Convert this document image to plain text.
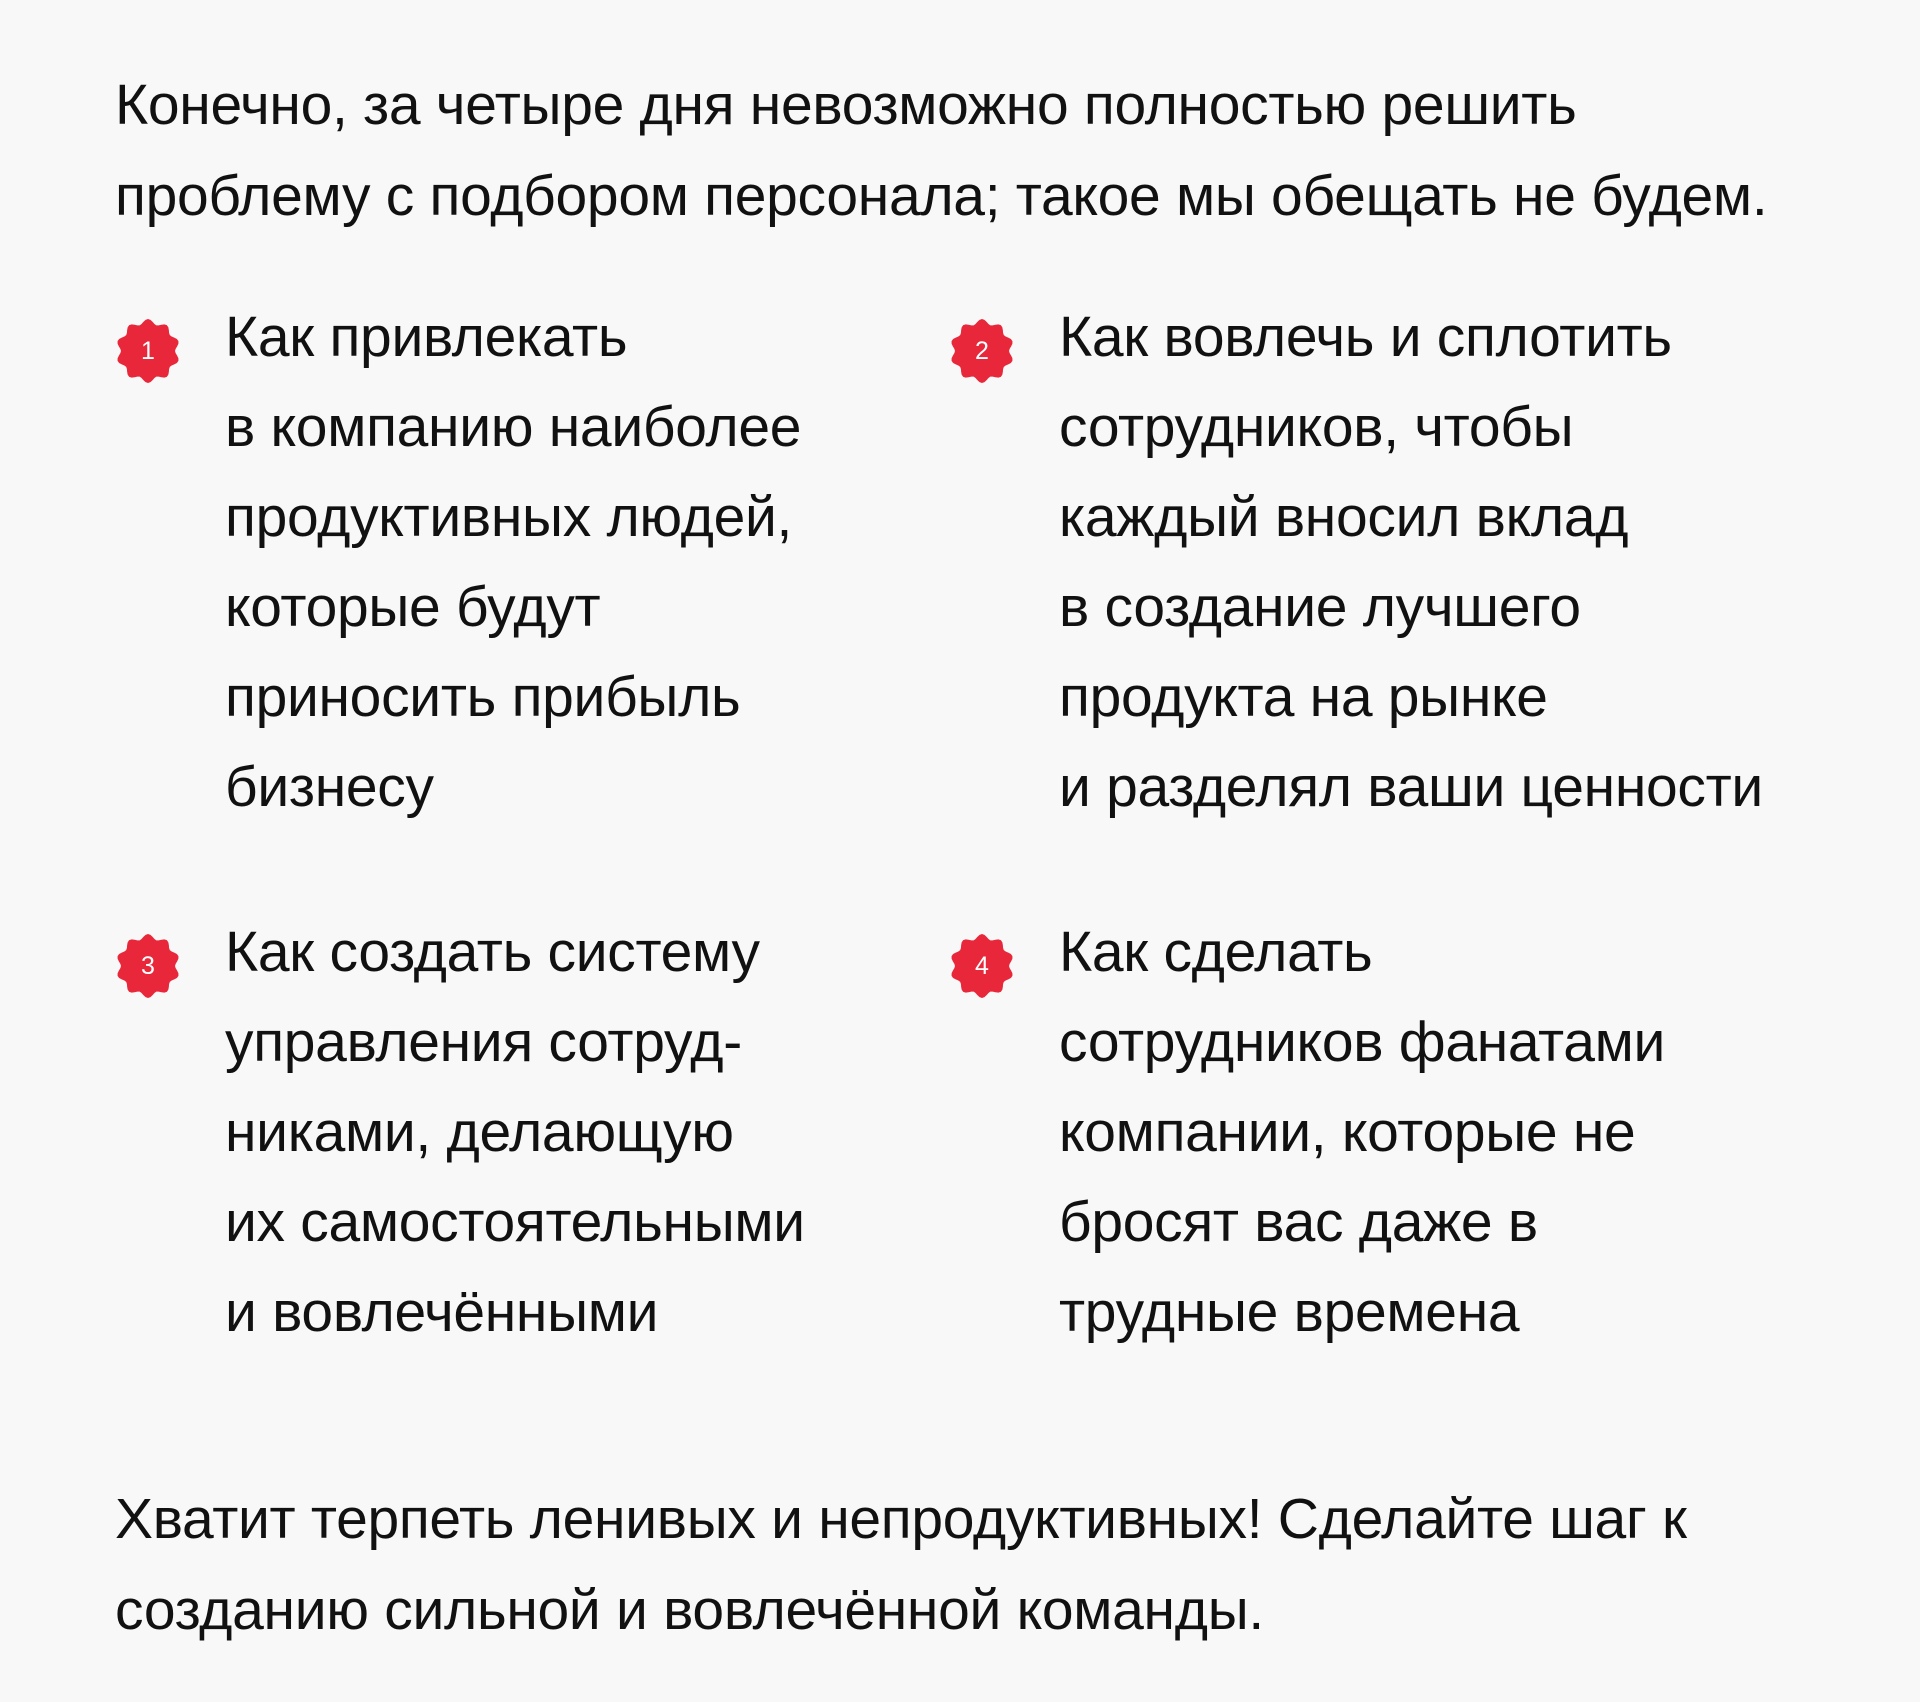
Конечно, за четыре дня невозможно полностью решить
проблему с подбором персонала; такое мы обещать не будем.

1	Как привлекать
в компанию наиболее
продуктивных людей,
которые будут
приносить прибыль
бизнесу

2	Как вовлечь и сплотить
сотрудников, чтобы
каждый вносил вклад
в создание лучшего
продукта на рынке
и разделял ваши ценности

3	Как создать систему
управления сотруд-
никами, делающую
их самостоятельными
и вовлечёнными

4	Как сделать
сотрудников фанатами
компании, которые не
бросят вас даже в
трудные времена

Хватит терпеть ленивых и непродуктивных! Сделайте шаг к
созданию сильной и вовлечённой команды.
